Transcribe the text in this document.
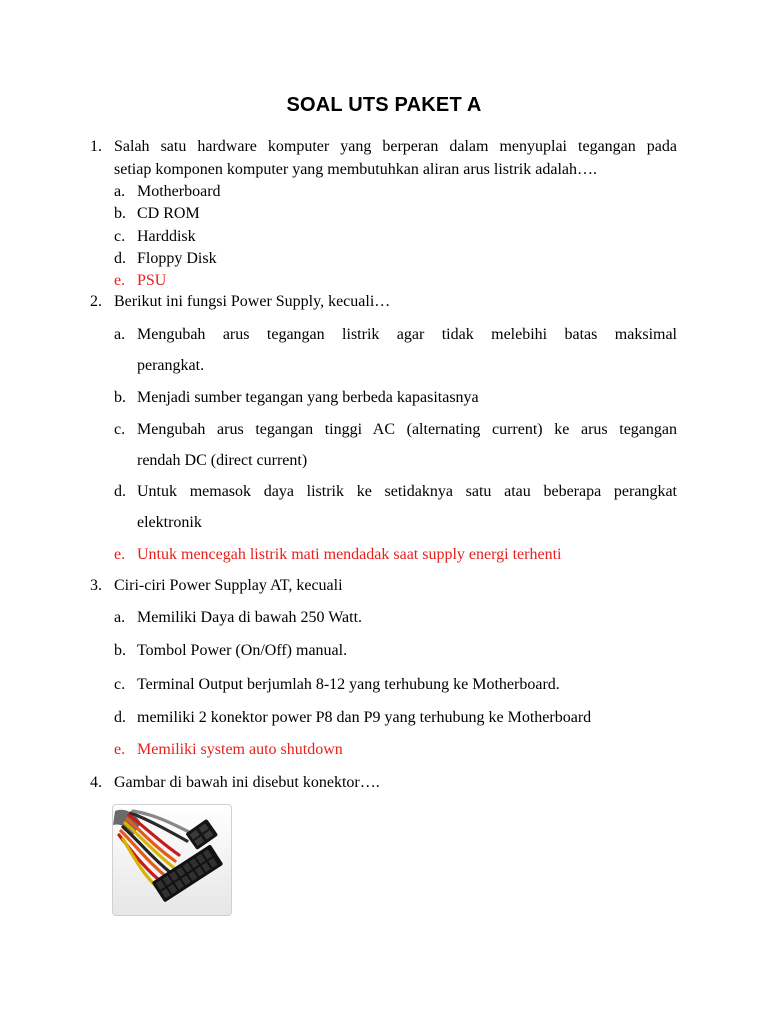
SOAL UTS PAKET A
1. Salah satu hardware komputer yang berperan dalam menyuplai tegangan pada
setiap komponen komputer yang membutuhkan aliran arus listrik adalah….
a. Motherboard
b. CD ROM
c. Harddisk
d. Floppy Disk
e. PSU
2. Berikut ini fungsi Power Supply, kecuali…
a. Mengubah arus tegangan listrik agar tidak melebihi batas maksimal
perangkat.
b. Menjadi sumber tegangan yang berbeda kapasitasnya
c. Mengubah arus tegangan tinggi AC (alternating current) ke arus tegangan
rendah DC (direct current)
d. Untuk memasok daya listrik ke setidaknya satu atau beberapa perangkat
elektronik
e. Untuk mencegah listrik mati mendadak saat supply energi terhenti
3. Ciri-ciri Power Supplay AT, kecuali
a. Memiliki Daya di bawah 250 Watt.
b. Tombol Power (On/Off) manual.
c. Terminal Output berjumlah 8-12 yang terhubung ke Motherboard.
d. memiliki 2 konektor power P8 dan P9 yang terhubung ke Motherboard
e. Memiliki system auto shutdown
4. Gambar di bawah ini disebut konektor….
